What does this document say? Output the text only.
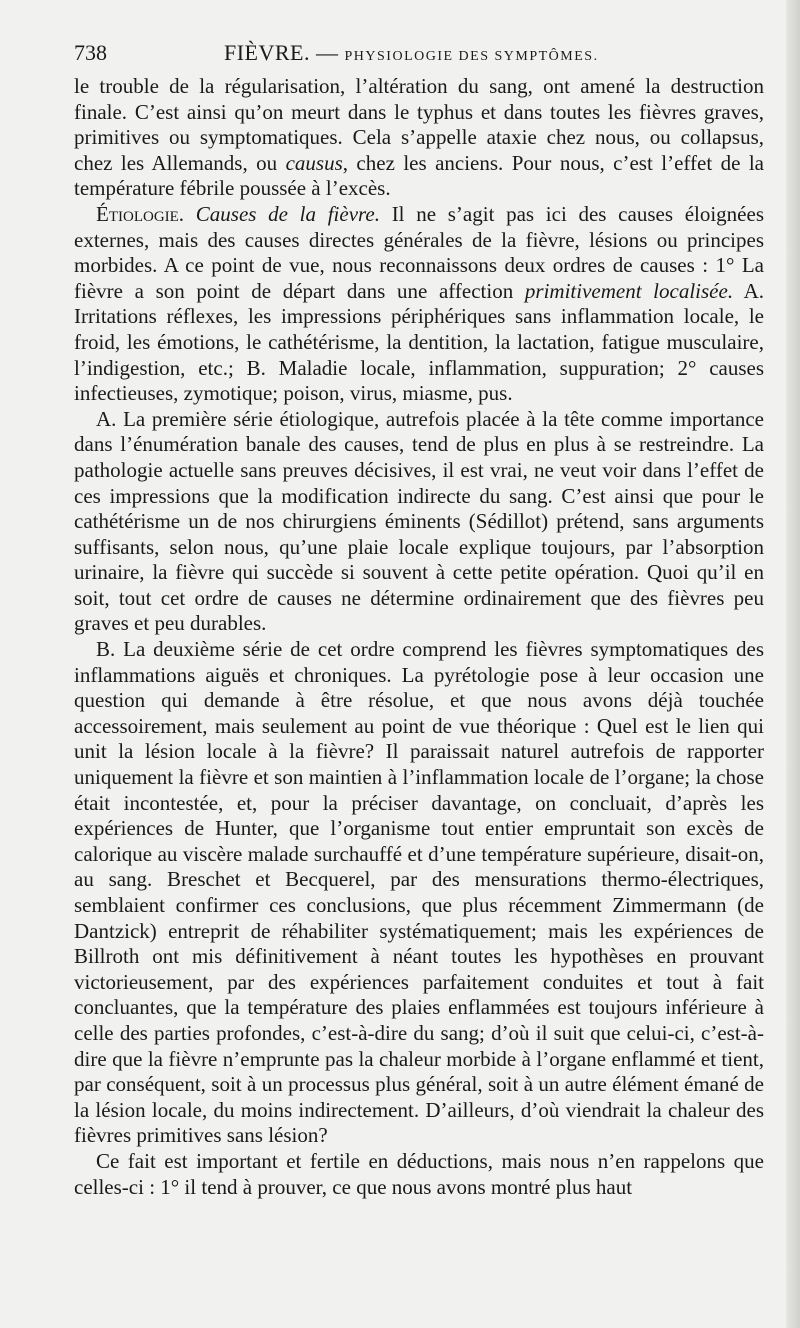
738	FIÈVRE. — PHYSIOLOGIE DES SYMPTÔMES.

le trouble de la régularisation, l’altération du sang, ont amené la destruction finale. C’est ainsi qu’on meurt dans le typhus et dans toutes les fièvres graves, primitives ou symptomatiques. Cela s’appelle ataxie chez nous, ou collapsus, chez les Allemands, ou causus, chez les anciens. Pour nous, c’est l’effet de la température fébrile poussée à l’excès.

Étiologie. Causes de la fièvre. Il ne s’agit pas ici des causes éloignées externes, mais des causes directes générales de la fièvre, lésions ou principes morbides. A ce point de vue, nous reconnaissons deux ordres de causes : 1° La fièvre a son point de départ dans une affection primitivement localisée. A. Irritations réflexes, les impressions périphériques sans inflammation locale, le froid, les émotions, le cathétérisme, la dentition, la lactation, fatigue musculaire, l’indigestion, etc.; B. Maladie locale, inflammation, suppuration; 2° causes infectieuses, zymotique; poison, virus, miasme, pus.

A. La première série étiologique, autrefois placée à la tête comme importance dans l’énumération banale des causes, tend de plus en plus à se restreindre. La pathologie actuelle sans preuves décisives, il est vrai, ne veut voir dans l’effet de ces impressions que la modification indirecte du sang. C’est ainsi que pour le cathétérisme un de nos chirurgiens éminents (Sédillot) prétend, sans arguments suffisants, selon nous, qu’une plaie locale explique toujours, par l’absorption urinaire, la fièvre qui succède si souvent à cette petite opération. Quoi qu’il en soit, tout cet ordre de causes ne détermine ordinairement que des fièvres peu graves et peu durables.

B. La deuxième série de cet ordre comprend les fièvres symptomatiques des inflammations aiguës et chroniques. La pyrétologie pose à leur occasion une question qui demande à être résolue, et que nous avons déjà touchée accessoirement, mais seulement au point de vue théorique : Quel est le lien qui unit la lésion locale à la fièvre? Il paraissait naturel autrefois de rapporter uniquement la fièvre et son maintien à l’inflammation locale de l’organe; la chose était incontestée, et, pour la préciser davantage, on concluait, d’après les expériences de Hunter, que l’organisme tout entier empruntait son excès de calorique au viscère malade surchauffé et d’une température supérieure, disait-on, au sang. Breschet et Becquerel, par des mensurations thermo-électriques, semblaient confirmer ces conclusions, que plus récemment Zimmermann (de Dantzick) entreprit de réhabiliter systématiquement; mais les expériences de Billroth ont mis définitivement à néant toutes les hypothèses en prouvant victorieusement, par des expériences parfaitement conduites et tout à fait concluantes, que la température des plaies enflammées est toujours inférieure à celle des parties profondes, c’est-à-dire du sang; d’où il suit que celui-ci, c’est-à-dire que la fièvre n’emprunte pas la chaleur morbide à l’organe enflammé et tient, par conséquent, soit à un processus plus général, soit à un autre élément émané de la lésion locale, du moins indirectement. D’ailleurs, d’où viendrait la chaleur des fièvres primitives sans lésion?

Ce fait est important et fertile en déductions, mais nous n’en rappelons que celles-ci : 1° il tend à prouver, ce que nous avons montré plus haut
